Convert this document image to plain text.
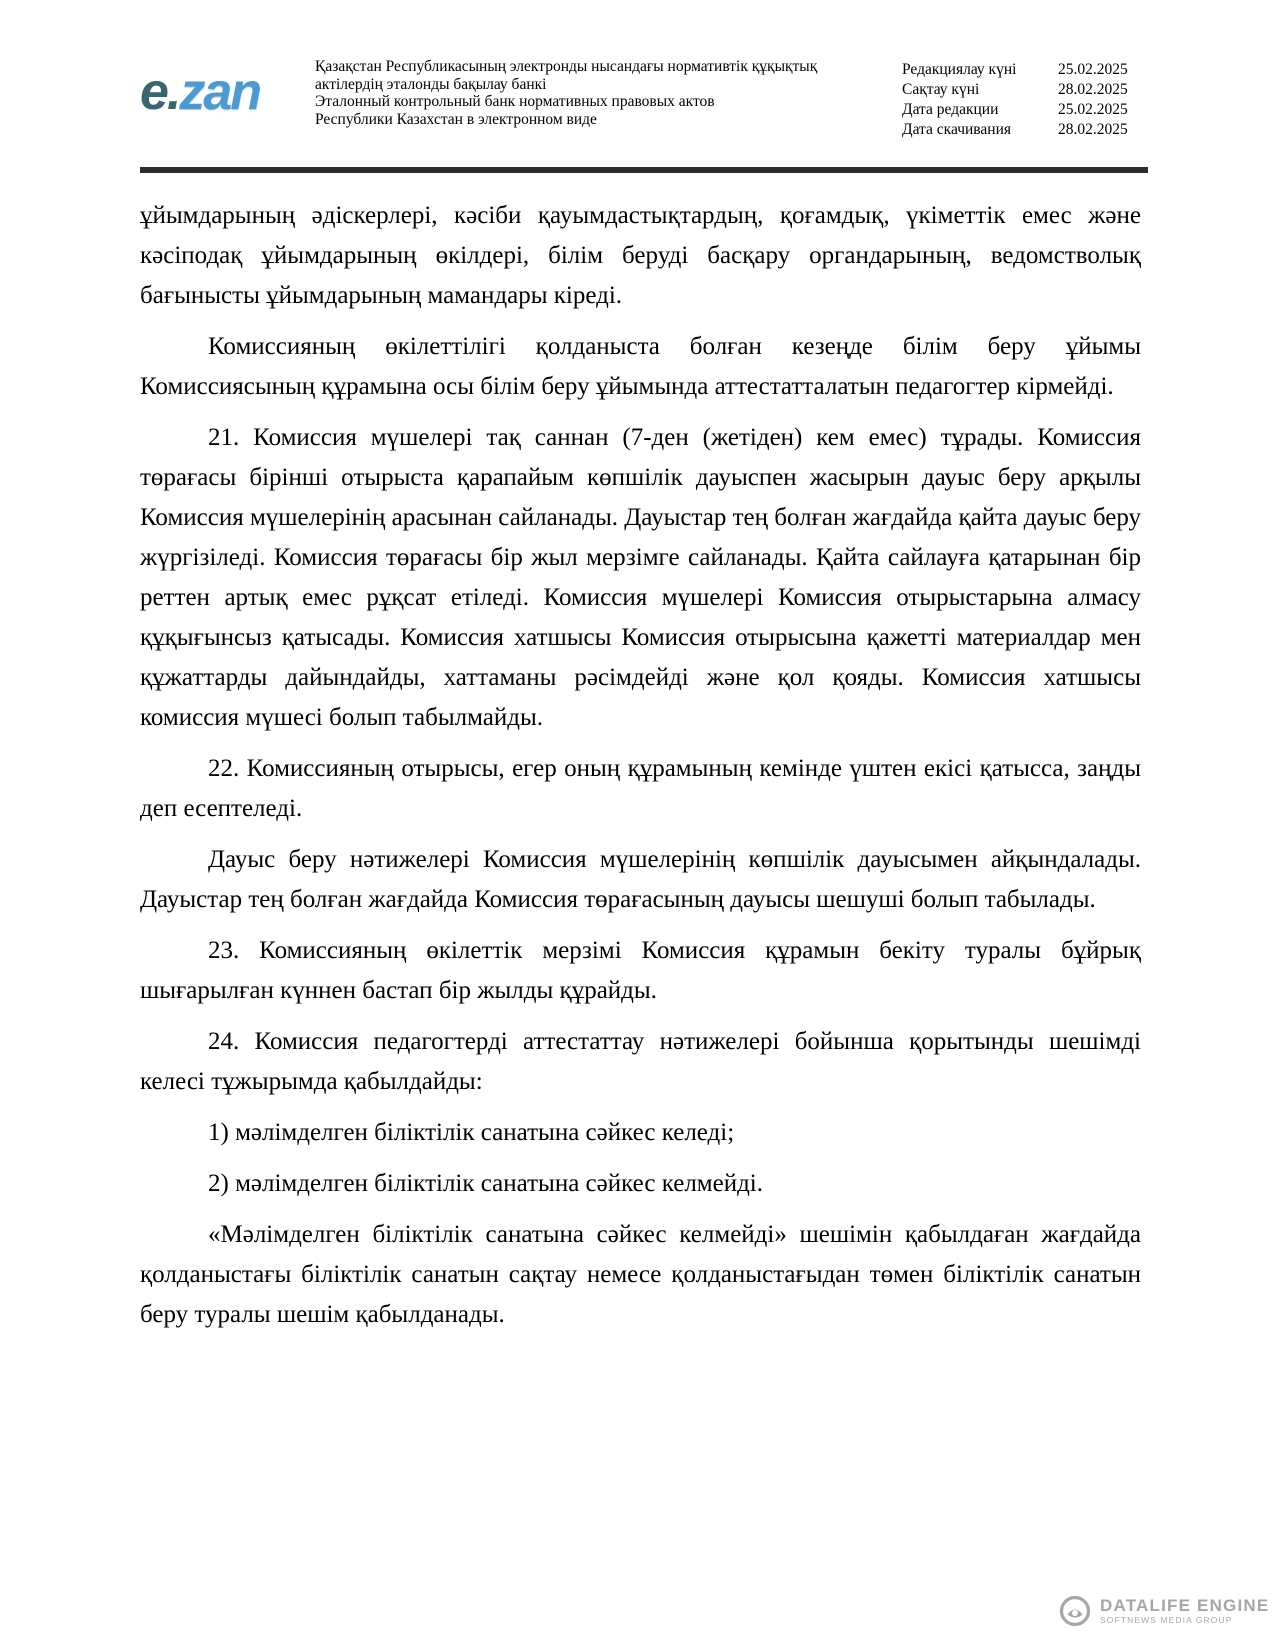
e.zan	Қазақстан Республикасының электронды нысандағы нормативтік құқықтық
актілердің эталонды бақылау банкі
Эталонный контрольный банк нормативных правовых актов
Республики Казахстан в электронном виде
Редакциялау күні	25.02.2025
Сақтау күні	28.02.2025
Дата редакции	25.02.2025
Дата скачивания	28.02.2025

ұйымдарының әдіскерлері, кәсіби қауымдастықтардың, қоғамдық, үкіметтік емес және кәсіподақ ұйымдарының өкілдері, білім беруді басқару органдарының, ведомстволық бағынысты ұйымдарының мамандары кіреді.

Комиссияның өкілеттілігі қолданыста болған кезеңде білім беру ұйымы Комиссиясының құрамына осы білім беру ұйымында аттестатталатын педагогтер кірмейді.

21. Комиссия мүшелері тақ саннан (7-ден (жетіден) кем емес) тұрады. Комиссия төрағасы бірінші отырыста қарапайым көпшілік дауыспен жасырын дауыс беру арқылы Комиссия мүшелерінің арасынан сайланады. Дауыстар тең болған жағдайда қайта дауыс беру жүргізіледі. Комиссия төрағасы бір жыл мерзімге сайланады. Қайта сайлауға қатарынан бір реттен артық емес рұқсат етіледі. Комиссия мүшелері Комиссия отырыстарына алмасу құқығынсыз қатысады. Комиссия хатшысы Комиссия отырысына қажетті материалдар мен құжаттарды дайындайды, хаттаманы рәсімдейді және қол қояды. Комиссия хатшысы комиссия мүшесі болып табылмайды.

22. Комиссияның отырысы, егер оның құрамының кемінде үштен екісі қатысса, заңды деп есептеледі.

Дауыс беру нәтижелері Комиссия мүшелерінің көпшілік дауысымен айқындалады. Дауыстар тең болған жағдайда Комиссия төрағасының дауысы шешуші болып табылады.

23. Комиссияның өкілеттік мерзімі Комиссия құрамын бекіту туралы бұйрық шығарылған күннен бастап бір жылды құрайды.

24. Комиссия педагогтерді аттестаттау нәтижелері бойынша қорытынды шешімді келесі тұжырымда қабылдайды:

1) мәлімделген біліктілік санатына сәйкес келеді;

2) мәлімделген біліктілік санатына сәйкес келмейді.

«Мәлімделген біліктілік санатына сәйкес келмейді» шешімін қабылдаған жағдайда қолданыстағы біліктілік санатын сақтау немесе қолданыстағыдан төмен біліктілік санатын беру туралы шешім қабылданады.

DATALIFE ENGINE
SOFTNEWS MEDIA GROUP
